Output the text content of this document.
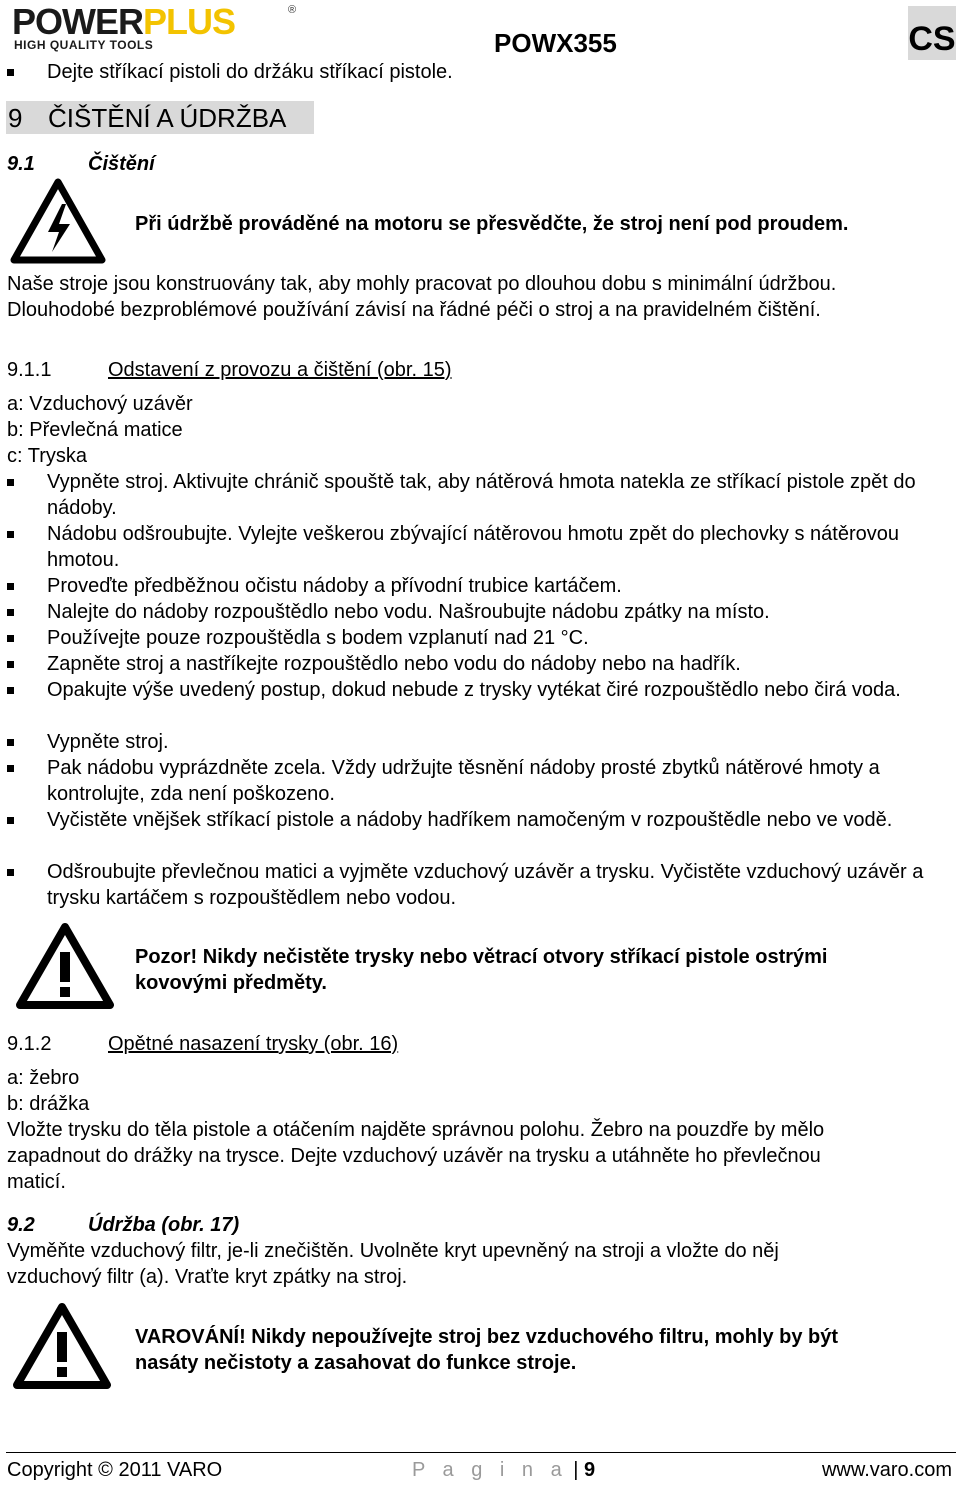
POWERPLUS	®
HIGH QUALITY TOOLS	POWX355	CS
Dejte stříkací pistoli do držáku stříkací pistole.
9 ČIŠTĚNÍ A ÚDRŽBA
9.1	Čištění
Při údržbě prováděné na motoru se přesvědčte, že stroj není pod proudem.
Naše stroje jsou konstruovány tak, aby mohly pracovat po dlouhou dobu s minimální údržbou.
Dlouhodobé bezproblémové používání závisí na řádné péči o stroj a na pravidelném čištění.
9.1.1	Odstavení z provozu a čištění (obr. 15)
a: Vzduchový uzávěr
b: Převlečná matice
c: Tryska
Vypněte stroj. Aktivujte chránič spouště tak, aby nátěrová hmota natekla ze stříkací pistole zpět do nádoby.
Nádobu odšroubujte. Vylejte veškerou zbývající nátěrovou hmotu zpět do plechovky s nátěrovou hmotou.
Proveďte předběžnou očistu nádoby a přívodní trubice kartáčem.
Nalejte do nádoby rozpouštědlo nebo vodu. Našroubujte nádobu zpátky na místo.
Používejte pouze rozpouštědla s bodem vzplanutí nad 21 °C.
Zapněte stroj a nastříkejte rozpouštědlo nebo vodu do nádoby nebo na hadřík.
Opakujte výše uvedený postup, dokud nebude z trysky vytékat čiré rozpouštědlo nebo čirá voda.
Vypněte stroj.
Pak nádobu vyprázdněte zcela. Vždy udržujte těsnění nádoby prosté zbytků nátěrové hmoty a kontrolujte, zda není poškozeno.
Vyčistěte vnějšek stříkací pistole a nádoby hadříkem namočeným v rozpouštědle nebo ve vodě.
Odšroubujte převlečnou matici a vyjměte vzduchový uzávěr a trysku. Vyčistěte vzduchový uzávěr a trysku kartáčem s rozpouštědlem nebo vodou.
Pozor! Nikdy nečistěte trysky nebo větrací otvory stříkací pistole ostrými
kovovými předměty.
9.1.2	Opětné nasazení trysky (obr. 16)
a: žebro
b: drážka
Vložte trysku do těla pistole a otáčením najděte správnou polohu. Žebro na pouzdře by mělo
zapadnout do drážky na trysce. Dejte vzduchový uzávěr na trysku a utáhněte ho převlečnou
maticí.
9.2	Údržba (obr. 17)
Vyměňte vzduchový filtr, je-li znečištěn. Uvolněte kryt upevněný na stroji a vložte do něj
vzduchový filtr (a). Vraťte kryt zpátky na stroj.
VAROVÁNÍ! Nikdy nepoužívejte stroj bez vzduchového filtru, mohly by být
nasáty nečistoty a zasahovat do funkce stroje.
Copyright © 2011 VARO	P a g i n a | 9	www.varo.com
